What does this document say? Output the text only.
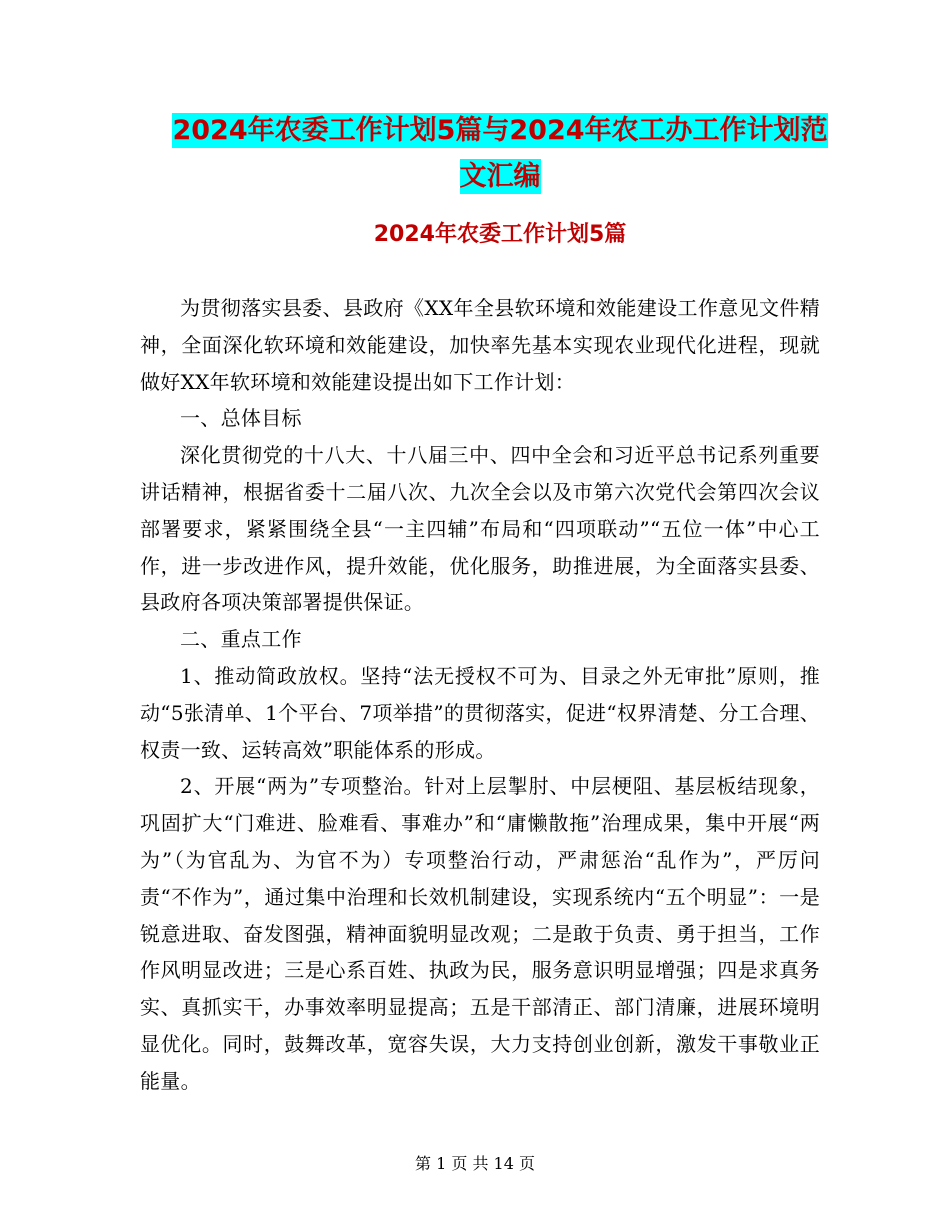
2024年农委工作计划5篇与2024年农工办工作计划范
文汇编
2024年农委工作计划5篇

为贯彻落实县委、县政府《XX年全县软环境和效能建设工作意见文件精神，全面深化软环境和效能建设，加快率先基本实现农业现代化进程，现就做好XX年软环境和效能建设提出如下工作计划：

一、总体目标

深化贯彻党的十八大、十八届三中、四中全会和习近平总书记系列重要讲话精神，根据省委十二届八次、九次全会以及市第六次党代会第四次会议部署要求，紧紧围绕全县“一主四辅”布局和“四项联动”“五位一体”中心工作，进一步改进作风，提升效能，优化服务，助推进展，为全面落实县委、县政府各项决策部署提供保证。

二、重点工作

1、推动简政放权。坚持“法无授权不可为、目录之外无审批”原则，推动“5张清单、1个平台、7项举措”的贯彻落实，促进“权界清楚、分工合理、权责一致、运转高效”职能体系的形成。

2、开展“两为”专项整治。针对上层掣肘、中层梗阻、基层板结现象，巩固扩大“门难进、脸难看、事难办”和“庸懒散拖”治理成果，集中开展“两为”（为官乱为、为官不为）专项整治行动，严肃惩治“乱作为”，严厉问责“不作为”，通过集中治理和长效机制建设，实现系统内“五个明显”：一是锐意进取、奋发图强，精神面貌明显改观；二是敢于负责、勇于担当，工作作风明显改进；三是心系百姓、执政为民，服务意识明显增强；四是求真务实、真抓实干，办事效率明显提高；五是干部清正、部门清廉，进展环境明显优化。同时，鼓舞改革，宽容失误，大力支持创业创新，激发干事敬业正能量。

第 1 页 共 14 页
